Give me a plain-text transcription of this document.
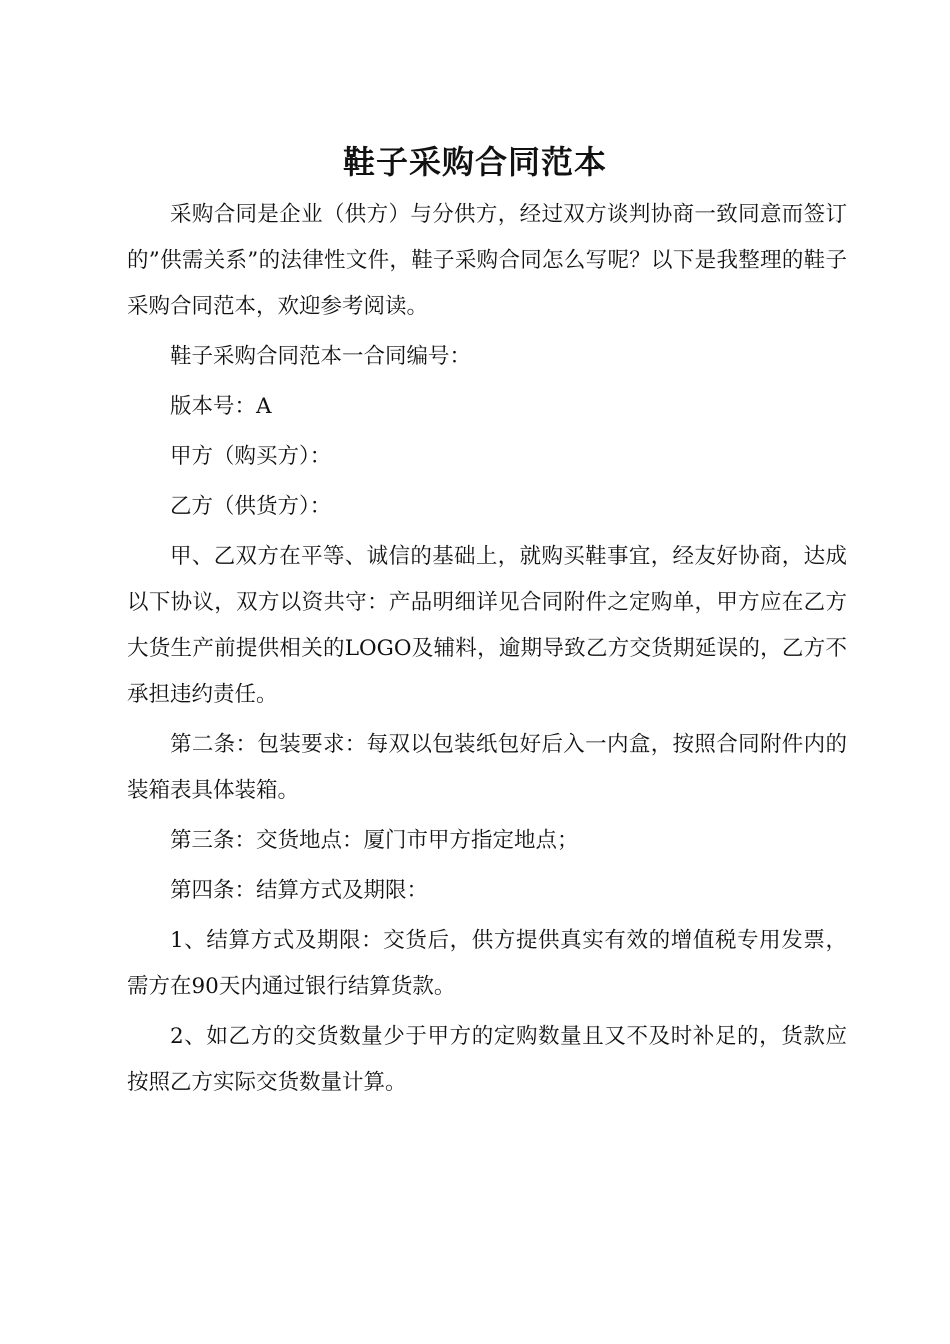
鞋子采购合同范本

采购合同是企业（供方）与分供方，经过双方谈判协商一致同意而签订的”供需关系”的法律性文件，鞋子采购合同怎么写呢？以下是我整理的鞋子采购合同范本，欢迎参考阅读。

鞋子采购合同范本一合同编号：

版本号：A

甲方（购买方）：

乙方（供货方）：

甲、乙双方在平等、诚信的基础上，就购买鞋事宜，经友好协商，达成以下协议，双方以资共守：产品明细详见合同附件之定购单，甲方应在乙方大货生产前提供相关的LOGO及辅料，逾期导致乙方交货期延误的，乙方不承担违约责任。

第二条：包装要求：每双以包装纸包好后入一内盒，按照合同附件内的装箱表具体装箱。

第三条：交货地点：厦门市甲方指定地点；

第四条：结算方式及期限：

1、结算方式及期限：交货后，供方提供真实有效的增值税专用发票，需方在90天内通过银行结算货款。

2、如乙方的交货数量少于甲方的定购数量且又不及时补足的，货款应按照乙方实际交货数量计算。
